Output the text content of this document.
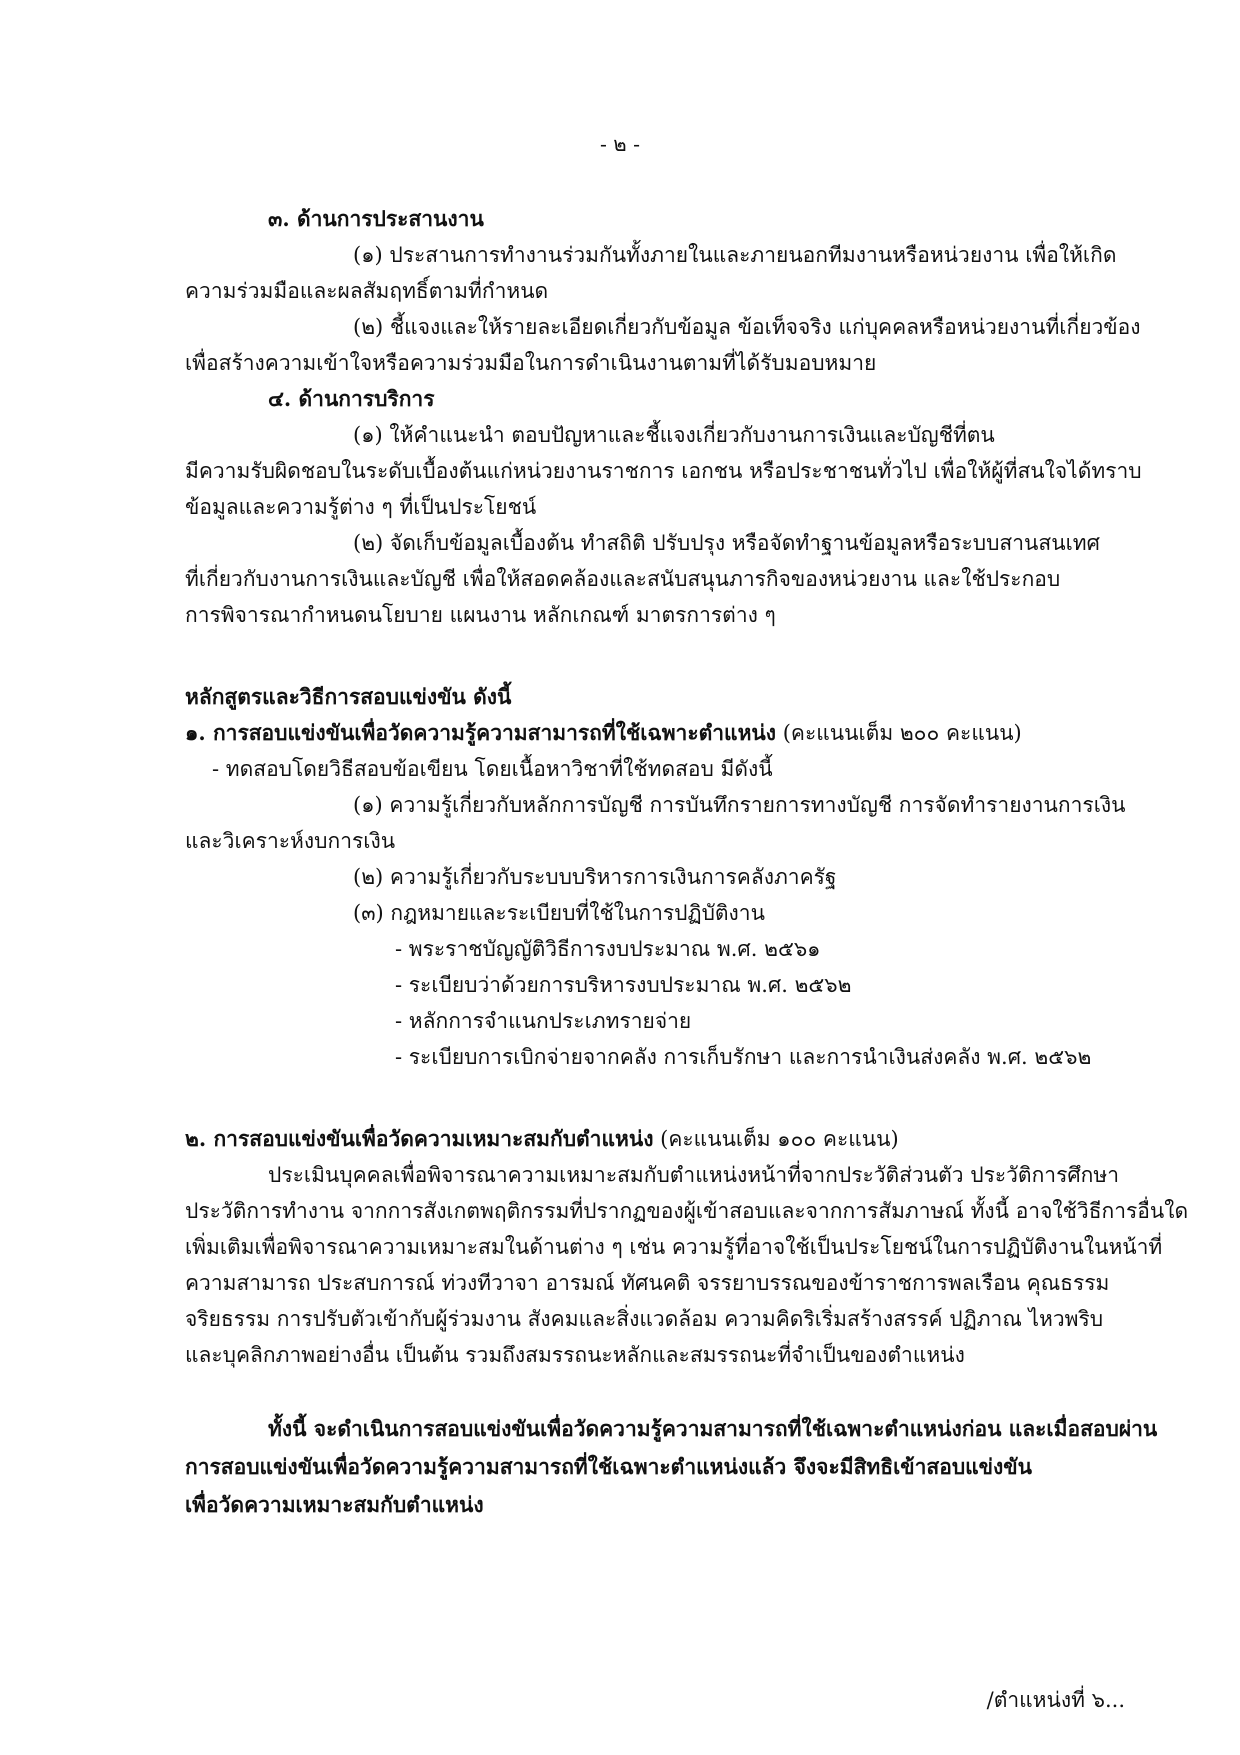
- ๒ -
๓. ด้านการประสานงาน
(๑) ประสานการทำงานร่วมกันทั้งภายในและภายนอกทีมงานหรือหน่วยงาน เพื่อให้เกิด
ความร่วมมือและผลสัมฤทธิ์ตามที่กำหนด
(๒) ชี้แจงและให้รายละเอียดเกี่ยวกับข้อมูล ข้อเท็จจริง แก่บุคคลหรือหน่วยงานที่เกี่ยวข้อง
เพื่อสร้างความเข้าใจหรือความร่วมมือในการดำเนินงานตามที่ได้รับมอบหมาย
๔. ด้านการบริการ
(๑) ให้คำแนะนำ ตอบปัญหาและชี้แจงเกี่ยวกับงานการเงินและบัญชีที่ตน
มีความรับผิดชอบในระดับเบื้องต้นแก่หน่วยงานราชการ เอกชน หรือประชาชนทั่วไป เพื่อให้ผู้ที่สนใจได้ทราบ
ข้อมูลและความรู้ต่าง ๆ ที่เป็นประโยชน์
(๒) จัดเก็บข้อมูลเบื้องต้น ทำสถิติ ปรับปรุง หรือจัดทำฐานข้อมูลหรือระบบสานสนเทศ
ที่เกี่ยวกับงานการเงินและบัญชี เพื่อให้สอดคล้องและสนับสนุนภารกิจของหน่วยงาน และใช้ประกอบ
การพิจารณากำหนดนโยบาย แผนงาน หลักเกณฑ์ มาตรการต่าง ๆ
หลักสูตรและวิธีการสอบแข่งขัน ดังนี้
๑. การสอบแข่งขันเพื่อวัดความรู้ความสามารถที่ใช้เฉพาะตำแหน่ง (คะแนนเต็ม ๒๐๐ คะแนน)
- ทดสอบโดยวิธีสอบข้อเขียน โดยเนื้อหาวิชาที่ใช้ทดสอบ มีดังนี้
(๑) ความรู้เกี่ยวกับหลักการบัญชี การบันทึกรายการทางบัญชี การจัดทำรายงานการเงิน
และวิเคราะห์งบการเงิน
(๒) ความรู้เกี่ยวกับระบบบริหารการเงินการคลังภาครัฐ
(๓) กฎหมายและระเบียบที่ใช้ในการปฏิบัติงาน
- พระราชบัญญัติวิธีการงบประมาณ พ.ศ. ๒๕๖๑
- ระเบียบว่าด้วยการบริหารงบประมาณ พ.ศ. ๒๕๖๒
- หลักการจำแนกประเภทรายจ่าย
- ระเบียบการเบิกจ่ายจากคลัง การเก็บรักษา และการนำเงินส่งคลัง พ.ศ. ๒๕๖๒
๒. การสอบแข่งขันเพื่อวัดความเหมาะสมกับตำแหน่ง (คะแนนเต็ม ๑๐๐ คะแนน)
ประเมินบุคคลเพื่อพิจารณาความเหมาะสมกับตำแหน่งหน้าที่จากประวัติส่วนตัว ประวัติการศึกษา
ประวัติการทำงาน จากการสังเกตพฤติกรรมที่ปรากฏของผู้เข้าสอบและจากการสัมภาษณ์ ทั้งนี้ อาจใช้วิธีการอื่นใด
เพิ่มเติมเพื่อพิจารณาความเหมาะสมในด้านต่าง ๆ เช่น ความรู้ที่อาจใช้เป็นประโยชน์ในการปฏิบัติงานในหน้าที่
ความสามารถ ประสบการณ์ ท่วงทีวาจา อารมณ์ ทัศนคติ จรรยาบรรณของข้าราชการพลเรือน คุณธรรม
จริยธรรม การปรับตัวเข้ากับผู้ร่วมงาน สังคมและสิ่งแวดล้อม ความคิดริเริ่มสร้างสรรค์ ปฏิภาณ ไหวพริบ
และบุคลิกภาพอย่างอื่น เป็นต้น รวมถึงสมรรถนะหลักและสมรรถนะที่จำเป็นของตำแหน่ง
ทั้งนี้ จะดำเนินการสอบแข่งขันเพื่อวัดความรู้ความสามารถที่ใช้เฉพาะตำแหน่งก่อน และเมื่อสอบผ่าน
การสอบแข่งขันเพื่อวัดความรู้ความสามารถที่ใช้เฉพาะตำแหน่งแล้ว จึงจะมีสิทธิเข้าสอบแข่งขัน
เพื่อวัดความเหมาะสมกับตำแหน่ง
/ตำแหน่งที่ ๖...
